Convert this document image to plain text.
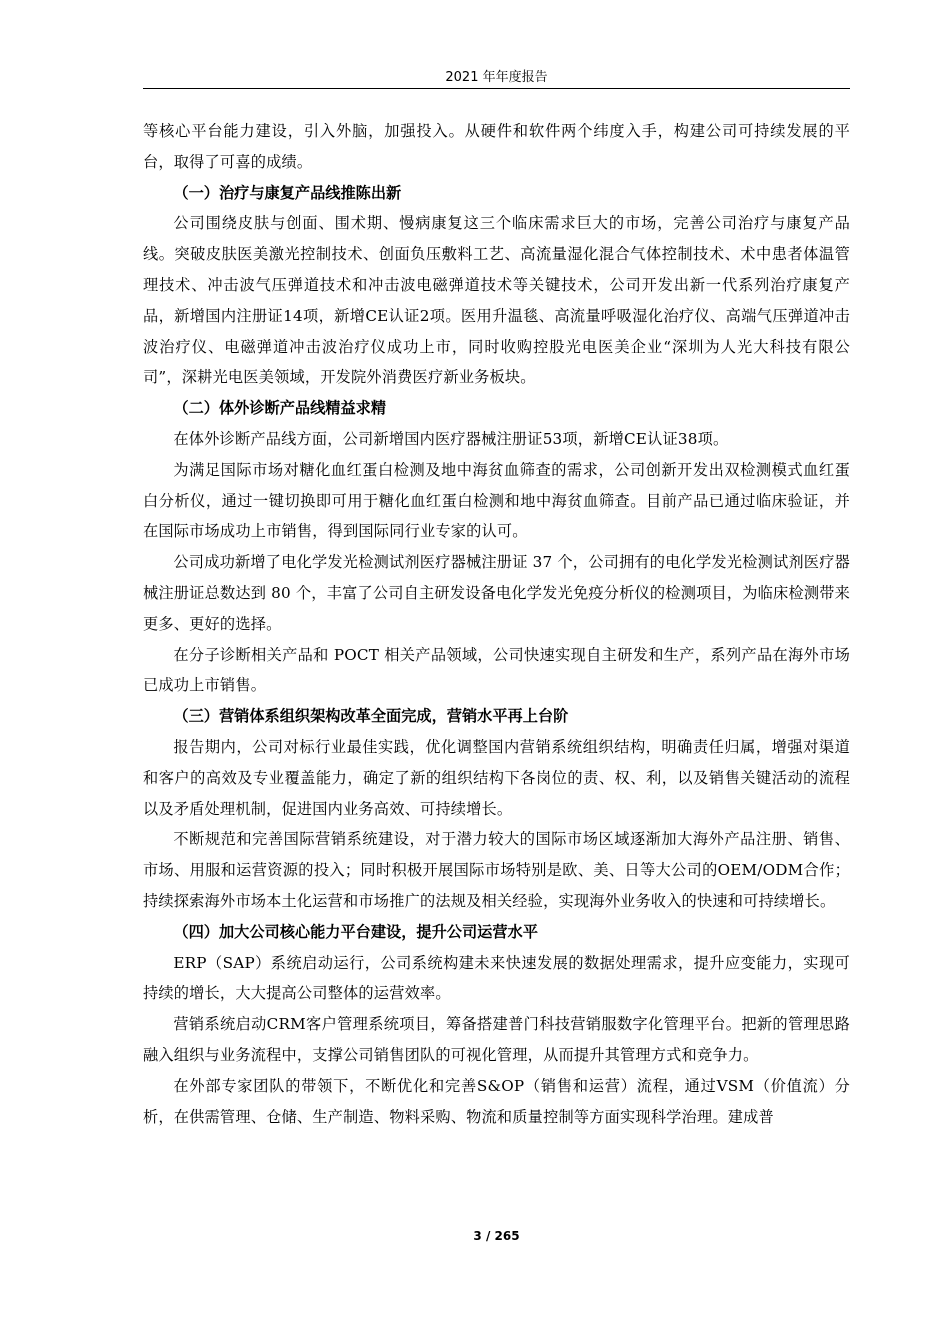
2021 年年度报告

等核心平台能力建设，引入外脑，加强投入。从硬件和软件两个纬度入手，构建公司可持续发展的平台，取得了可喜的成绩。

（一）治疗与康复产品线推陈出新

公司围绕皮肤与创面、围术期、慢病康复这三个临床需求巨大的市场，完善公司治疗与康复产品线。突破皮肤医美激光控制技术、创面负压敷料工艺、高流量湿化混合气体控制技术、术中患者体温管理技术、冲击波气压弹道技术和冲击波电磁弹道技术等关键技术，公司开发出新一代系列治疗康复产品，新增国内注册证14项，新增CE认证2项。医用升温毯、高流量呼吸湿化治疗仪、高端气压弹道冲击波治疗仪、电磁弹道冲击波治疗仪成功上市，同时收购控股光电医美企业“深圳为人光大科技有限公司”，深耕光电医美领域，开发院外消费医疗新业务板块。

（二）体外诊断产品线精益求精

在体外诊断产品线方面，公司新增国内医疗器械注册证53项，新增CE认证38项。

为满足国际市场对糖化血红蛋白检测及地中海贫血筛查的需求，公司创新开发出双检测模式血红蛋白分析仪，通过一键切换即可用于糖化血红蛋白检测和地中海贫血筛查。目前产品已通过临床验证，并在国际市场成功上市销售，得到国际同行业专家的认可。

公司成功新增了电化学发光检测试剂医疗器械注册证 37 个，公司拥有的电化学发光检测试剂医疗器械注册证总数达到 80 个，丰富了公司自主研发设备电化学发光免疫分析仪的检测项目，为临床检测带来更多、更好的选择。

在分子诊断相关产品和 POCT 相关产品领域，公司快速实现自主研发和生产，系列产品在海外市场已成功上市销售。

（三）营销体系组织架构改革全面完成，营销水平再上台阶

报告期内，公司对标行业最佳实践，优化调整国内营销系统组织结构，明确责任归属，增强对渠道和客户的高效及专业覆盖能力，确定了新的组织结构下各岗位的责、权、利，以及销售关键活动的流程以及矛盾处理机制，促进国内业务高效、可持续增长。

不断规范和完善国际营销系统建设，对于潜力较大的国际市场区域逐渐加大海外产品注册、销售、市场、用服和运营资源的投入；同时积极开展国际市场特别是欧、美、日等大公司的OEM/ODM合作；持续探索海外市场本土化运营和市场推广的法规及相关经验，实现海外业务收入的快速和可持续增长。

（四）加大公司核心能力平台建设，提升公司运营水平

ERP（SAP）系统启动运行，公司系统构建未来快速发展的数据处理需求，提升应变能力，实现可持续的增长，大大提高公司整体的运营效率。

营销系统启动CRM客户管理系统项目，筹备搭建普门科技营销服数字化管理平台。把新的管理思路融入组织与业务流程中，支撑公司销售团队的可视化管理，从而提升其管理方式和竞争力。

在外部专家团队的带领下，不断优化和完善S&OP（销售和运营）流程，通过VSM（价值流）分析，在供需管理、仓储、生产制造、物料采购、物流和质量控制等方面实现科学治理。建成普

3 / 265
